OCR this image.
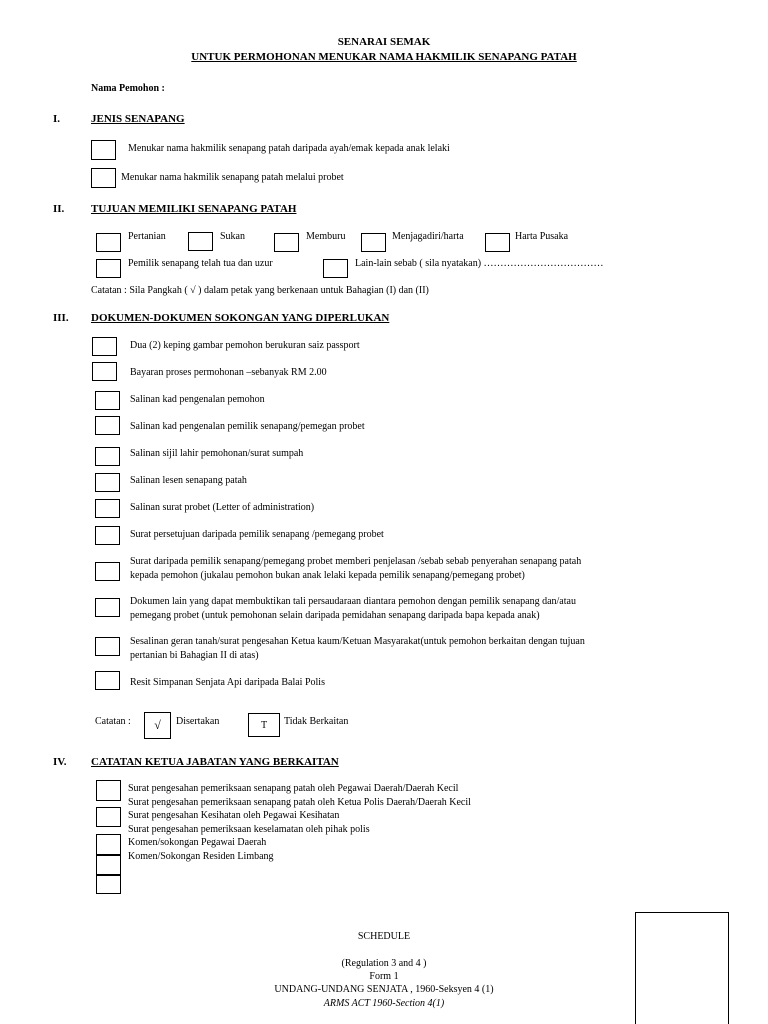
SENARAI SEMAK
UNTUK PERMOHONAN MENUKAR NAMA HAKMILIK SENAPANG PATAH
Nama Pemohon :
I.	JENIS SENAPANG
Menukar nama hakmilik senapang patah daripada ayah/emak kepada anak lelaki
Menukar nama hakmilik senapang patah melalui probet
II. TUJUAN MEMILIKI SENAPANG PATAH
Pertanian	Sukan	Memburu	Menjagadiri/harta	Harta Pusaka
Pemilik senapang telah tua dan uzur	Lain-lain sebab ( sila nyatakan) ………………………………
Catatan : Sila Pangkah ( √ ) dalam petak yang berkenaan untuk Bahagian (I) dan (II)
III. DOKUMEN-DOKUMEN SOKONGAN YANG DIPERLUKAN
Dua (2) keping gambar pemohon berukuran saiz passport
Bayaran proses permohonan –sebanyak RM 2.00
Salinan kad pengenalan pemohon
Salinan kad pengenalan pemilik senapang/pemegan probet
Salinan sijil lahir pemohonan/surat sumpah
Salinan lesen senapang patah
Salinan surat probet (Letter of administration)
Surat persetujuan daripada pemilik senapang /pemegang probet
Surat daripada pemilik senapang/pemegang probet memberi penjelasan /sebab sebab penyerahan senapang patah
kepada pemohon (jukalau pemohon bukan anak lelaki kepada pemilik senapang/pemegang probet)
Dokumen lain yang dapat membuktikan tali persaudaraan diantara pemohon dengan pemilik senapang dan/atau
pemegang probet (untuk pemohonan selain daripada pemidahan senapang daripada bapa kepada anak)
Sesalinan geran tanah/surat pengesahan Ketua kaum/Ketuan Masyarakat(untuk pemohon berkaitan dengan tujuan
pertanian bi Bahagian II di atas)
Resit Simpanan Senjata Api daripada Balai Polis
Catatan :	√	Disertakan	T	Tidak Berkaitan
IV. CATATAN KETUA JABATAN YANG BERKAITAN
Surat pengesahan pemeriksaan senapang patah oleh Pegawai Daerah/Daerah Kecil
Surat pengesahan pemeriksaan senapang patah oleh Ketua Polis Daerah/Daerah Kecil
Surat pengesahan Kesihatan oleh Pegawai Kesihatan
Surat pengesahan pemeriksaan keselamatan oleh pihak polis
Komen/sokongan Pegawai Daerah
Komen/Sokongan Residen Limbang
SCHEDULE
(Regulation 3 and 4 )
Form 1
UNDANG-UNDANG SENJATA , 1960-Seksyen 4 (1)
ARMS ACT 1960-Section 4(1)
